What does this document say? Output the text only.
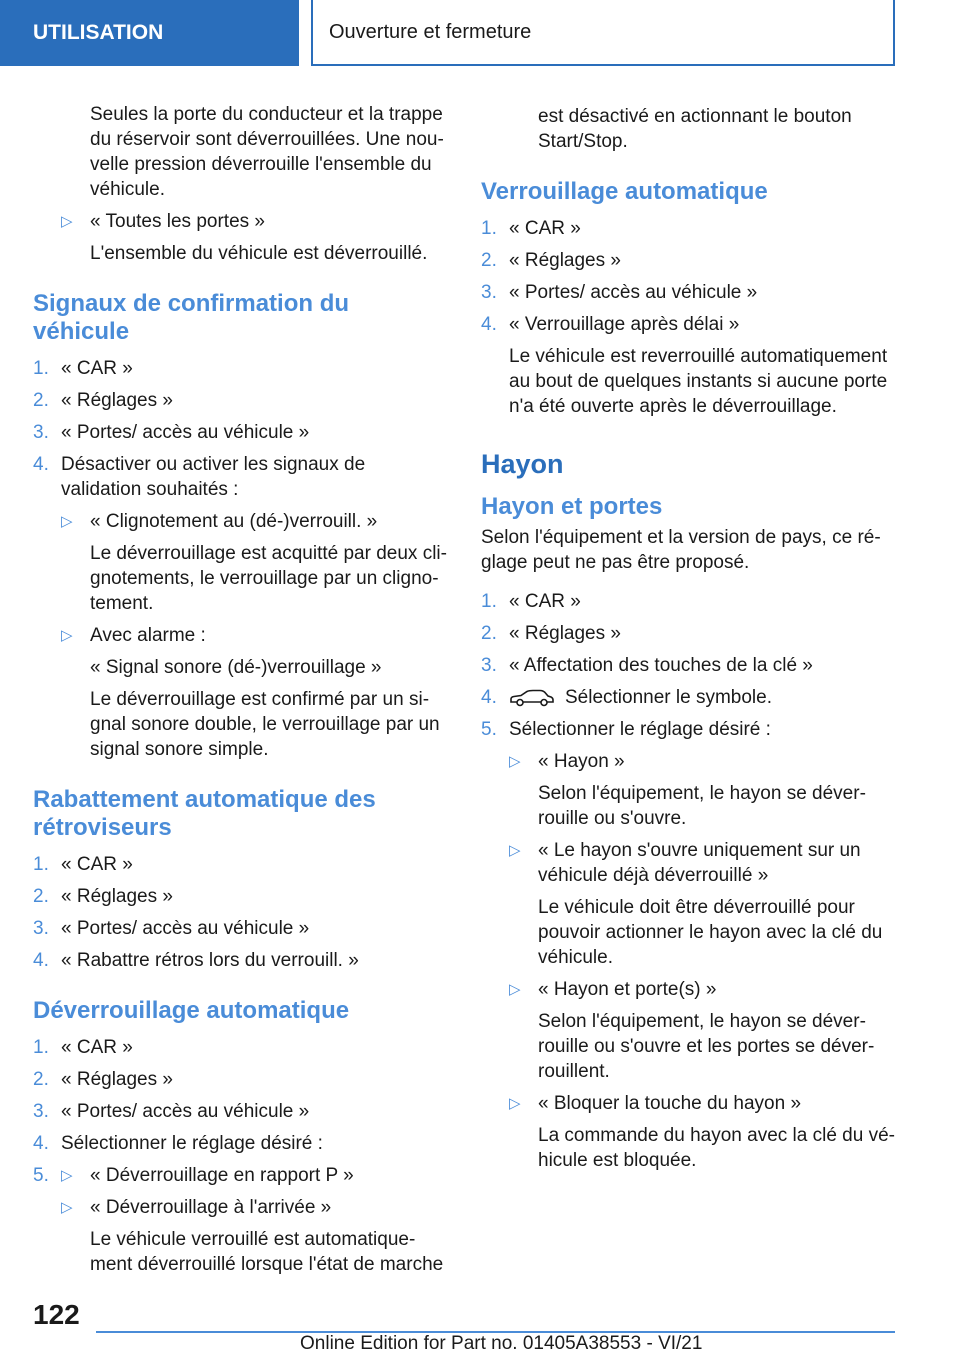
UTILISATION	Ouverture et fermeture

Seules la porte du conducteur et la trappe du réservoir sont déverrouillées. Une nouvelle pression déverrouille l'ensemble du véhicule.

▷ « Toutes les portes »

L'ensemble du véhicule est déverrouillé.

Signaux de confirmation du véhicule
1. « CAR »
2. « Réglages »
3. « Portes/ accès au véhicule »
4. Désactiver ou activer les signaux de validation souhaités :
▷ « Clignotement au (dé-)verrouill. »

Le déverrouillage est acquitté par deux clignotements, le verrouillage par un clignotement.

▷ Avec alarme :

« Signal sonore (dé-)verrouillage »

Le déverrouillage est confirmé par un signal sonore double, le verrouillage par un signal sonore simple.

Rabattement automatique des rétroviseurs
1. « CAR »
2. « Réglages »
3. « Portes/ accès au véhicule »
4. « Rabattre rétros lors du verrouill. »
Déverrouillage automatique
1. « CAR »
2. « Réglages »
3. « Portes/ accès au véhicule »
4. Sélectionner le réglage désiré :
5. ▷ « Déverrouillage en rapport P »

▷ « Déverrouillage à l'arrivée »

Le véhicule verrouillé est automatiquement déverrouillé lorsque l'état de marche

est désactivé en actionnant le bouton Start/Stop.

Verrouillage automatique
1. « CAR »
2. « Réglages »
3. « Portes/ accès au véhicule »
4. « Verrouillage après délai »

Le véhicule est reverrouillé automatiquement au bout de quelques instants si aucune porte n'a été ouverte après le déverrouillage.

Hayon
Hayon et portes

Selon l'équipement et la version de pays, ce réglage peut ne pas être proposé.

1. « CAR »
2. « Réglages »
3. « Affectation des touches de la clé »
4.	Sélectionner le symbole.
5. Sélectionner le réglage désiré :

▷ « Hayon »

Selon l'équipement, le hayon se déverrouille ou s'ouvre.

▷ « Le hayon s'ouvre uniquement sur un véhicule déjà déverrouillé »

Le véhicule doit être déverrouillé pour pouvoir actionner le hayon avec la clé du véhicule.

▷ « Hayon et porte(s) »

Selon l'équipement, le hayon se déverrouille ou s'ouvre et les portes se déverrouillent.

▷ « Bloquer la touche du hayon »

La commande du hayon avec la clé du véhicule est bloquée.

122
Online Edition for Part no. 01405A38553 - VI/21
